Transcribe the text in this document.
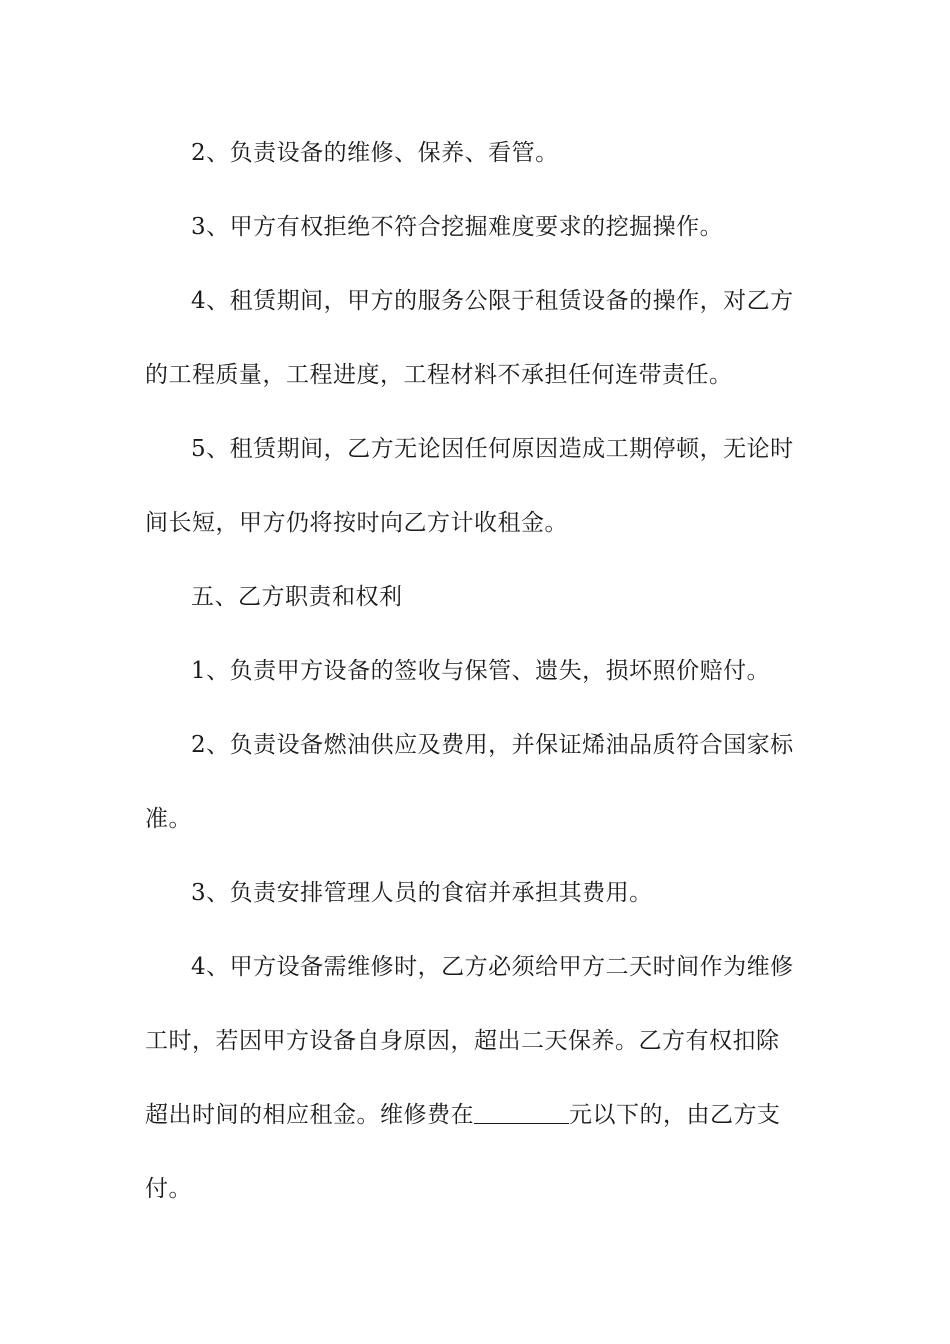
2、负责设备的维修、保养、看管。

3、甲方有权拒绝不符合挖掘难度要求的挖掘操作。

4、租赁期间，甲方的服务公限于租赁设备的操作，对乙方
的工程质量，工程进度，工程材料不承担任何连带责任。

5、租赁期间，乙方无论因任何原因造成工期停顿，无论时
间长短，甲方仍将按时向乙方计收租金。

五、乙方职责和权利

1、负责甲方设备的签收与保管、遗失，损坏照价赔付。

2、负责设备燃油供应及费用，并保证烯油品质符合国家标
准。

3、负责安排管理人员的食宿并承担其费用。

4、甲方设备需维修时，乙方必须给甲方二天时间作为维修
工时，若因甲方设备自身原因，超出二天保养。乙方有权扣除
超出时间的相应租金。维修费在	元以下的，由乙方支
付。
